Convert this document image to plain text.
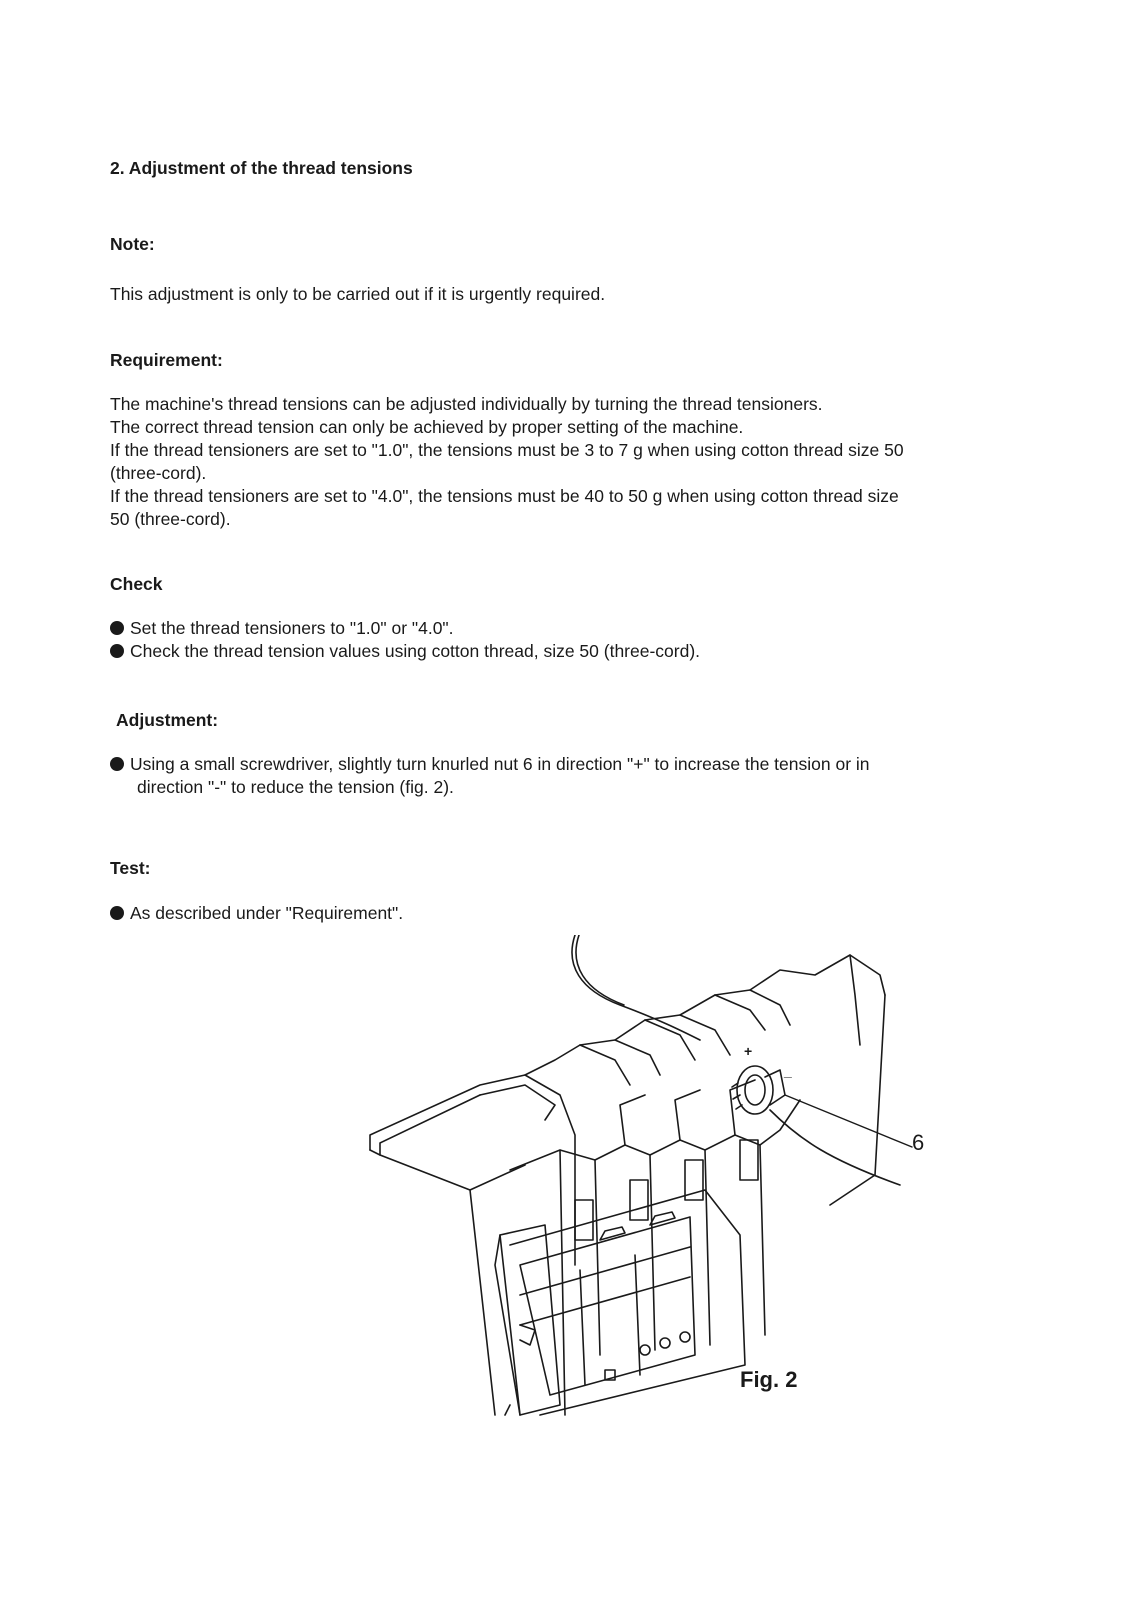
2. Adjustment of the thread tensions
Note:
This adjustment is only to be carried out if it is urgently required.
Requirement:
The machine's thread tensions can be adjusted individually by turning the thread tensioners.
The correct thread tension can only be achieved by proper setting of the machine.
If the thread tensioners are set to "1.0", the tensions must be 3 to 7 g when using cotton thread size 50
(three-cord).
If the thread tensioners are set to "4.0", the tensions must be 40 to 50 g when using cotton thread size
50 (three-cord).
Check
Set the thread tensioners to "1.0" or "4.0".
Check the thread tension values using cotton thread, size 50 (three-cord).
Adjustment:
Using a small screwdriver, slightly turn knurled nut 6 in direction "+" to increase the tension or in
direction "-" to reduce the tension (fig. 2).
Test:
As described under "Requirement".
+
_
6
Fig. 2
